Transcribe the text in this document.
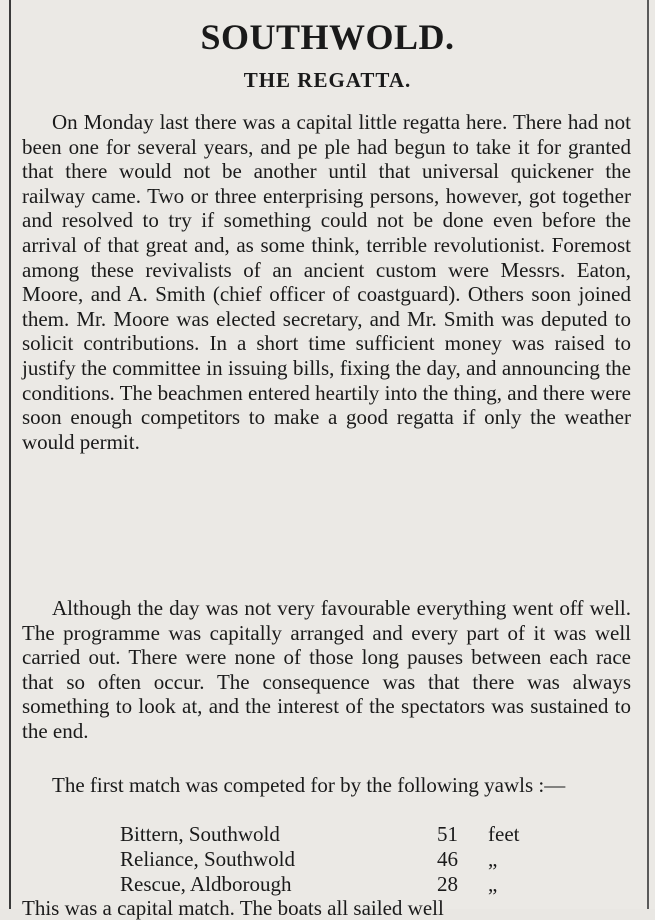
SOUTHWOLD.
THE REGATTA.

On Monday last there was a capital little regatta here. There had not been one for several years, and pe ple had begun to take it for granted that there would not be another until that universal quickener the railway came. Two or three enterprising persons, however, got together and resolved to try if something could not be done even before the arrival of that great and, as some think, terrible revolutionist. Foremost among these revivalists of an ancient custom were Messrs. Eaton, Moore, and A. Smith (chief officer of coastguard). Others soon joined them. Mr. Moore was elected secretary, and Mr. Smith was deputed to solicit contributions. In a short time sufficient money was raised to justify the committee in issuing bills, fixing the day, and announcing the conditions. The beachmen entered heartily into the thing, and there were soon enough competitors to make a good regatta if only the weather would permit.

Although the day was not very favourable everything went off well. The programme was capitally arranged and every part of it was well carried out. There were none of those long pauses between each race that so often occur. The consequence was that there was always something to look at, and the interest of the spectators was sustained to the end.

The first match was competed for by the following yawls :—

Bittern, Southwold	51 feet
Reliance, Southwold	46 „
Rescue, Aldborough	28 „
This was a capital match. The boats all sailed well
